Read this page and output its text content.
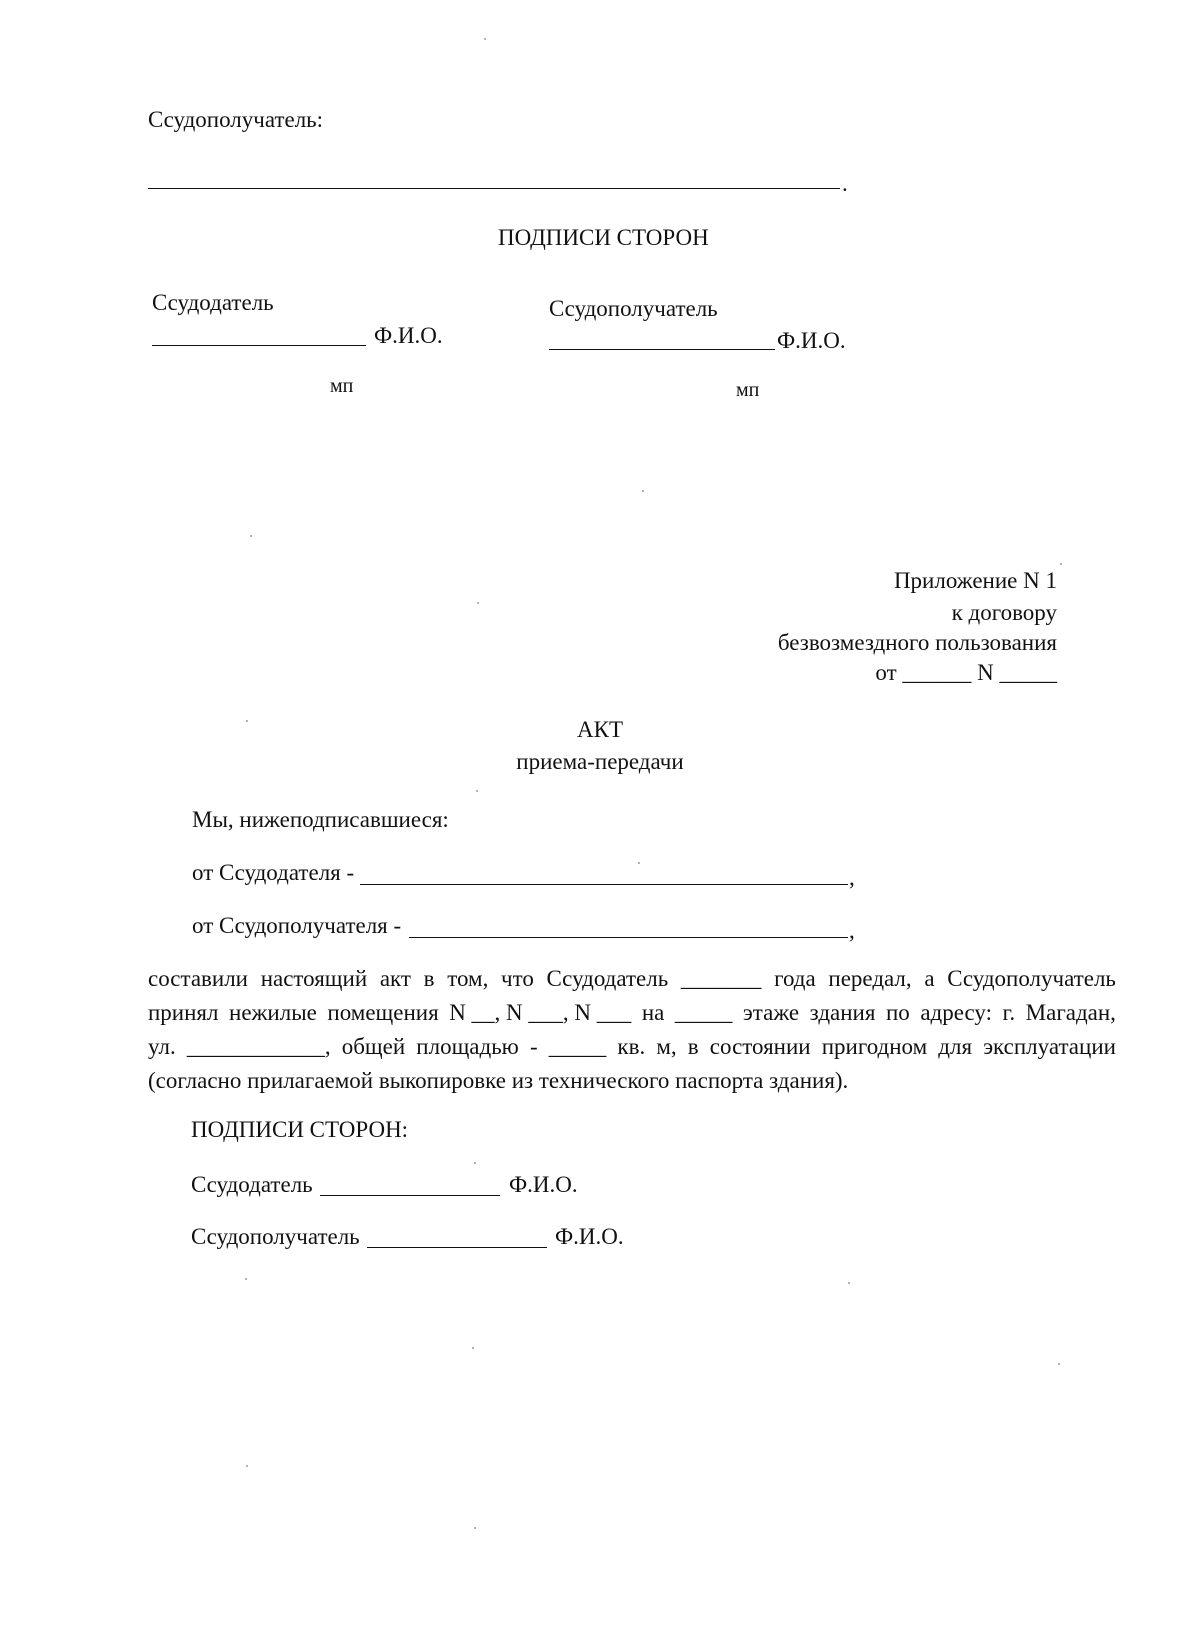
Ссудополучатель:
.
ПОДПИСИ СТОРОН
Ссудодатель
Ф.И.О.
мп
Ссудополучатель
Ф.И.О.
мп
Приложение N 1
к договору
безвозмездного пользования
от ______ N _____
АКТ
приема-передачи
Мы, нижеподписавшиеся:
от Ссудодателя -	,
от Ссудополучателя -	,
составили настоящий акт в том, что Ссудодатель _______ года передал, а Ссудополучатель
принял нежилые помещения N __, N ___, N ___ на _____ этаже здания по адресу: г. Магадан,
ул. ____________, общей площадью - _____ кв. м, в состоянии пригодном для эксплуатации
(согласно прилагаемой выкопировке из технического паспорта здания).
ПОДПИСИ СТОРОН:
Ссудодатель	Ф.И.О.
Ссудополучатель	Ф.И.О.
